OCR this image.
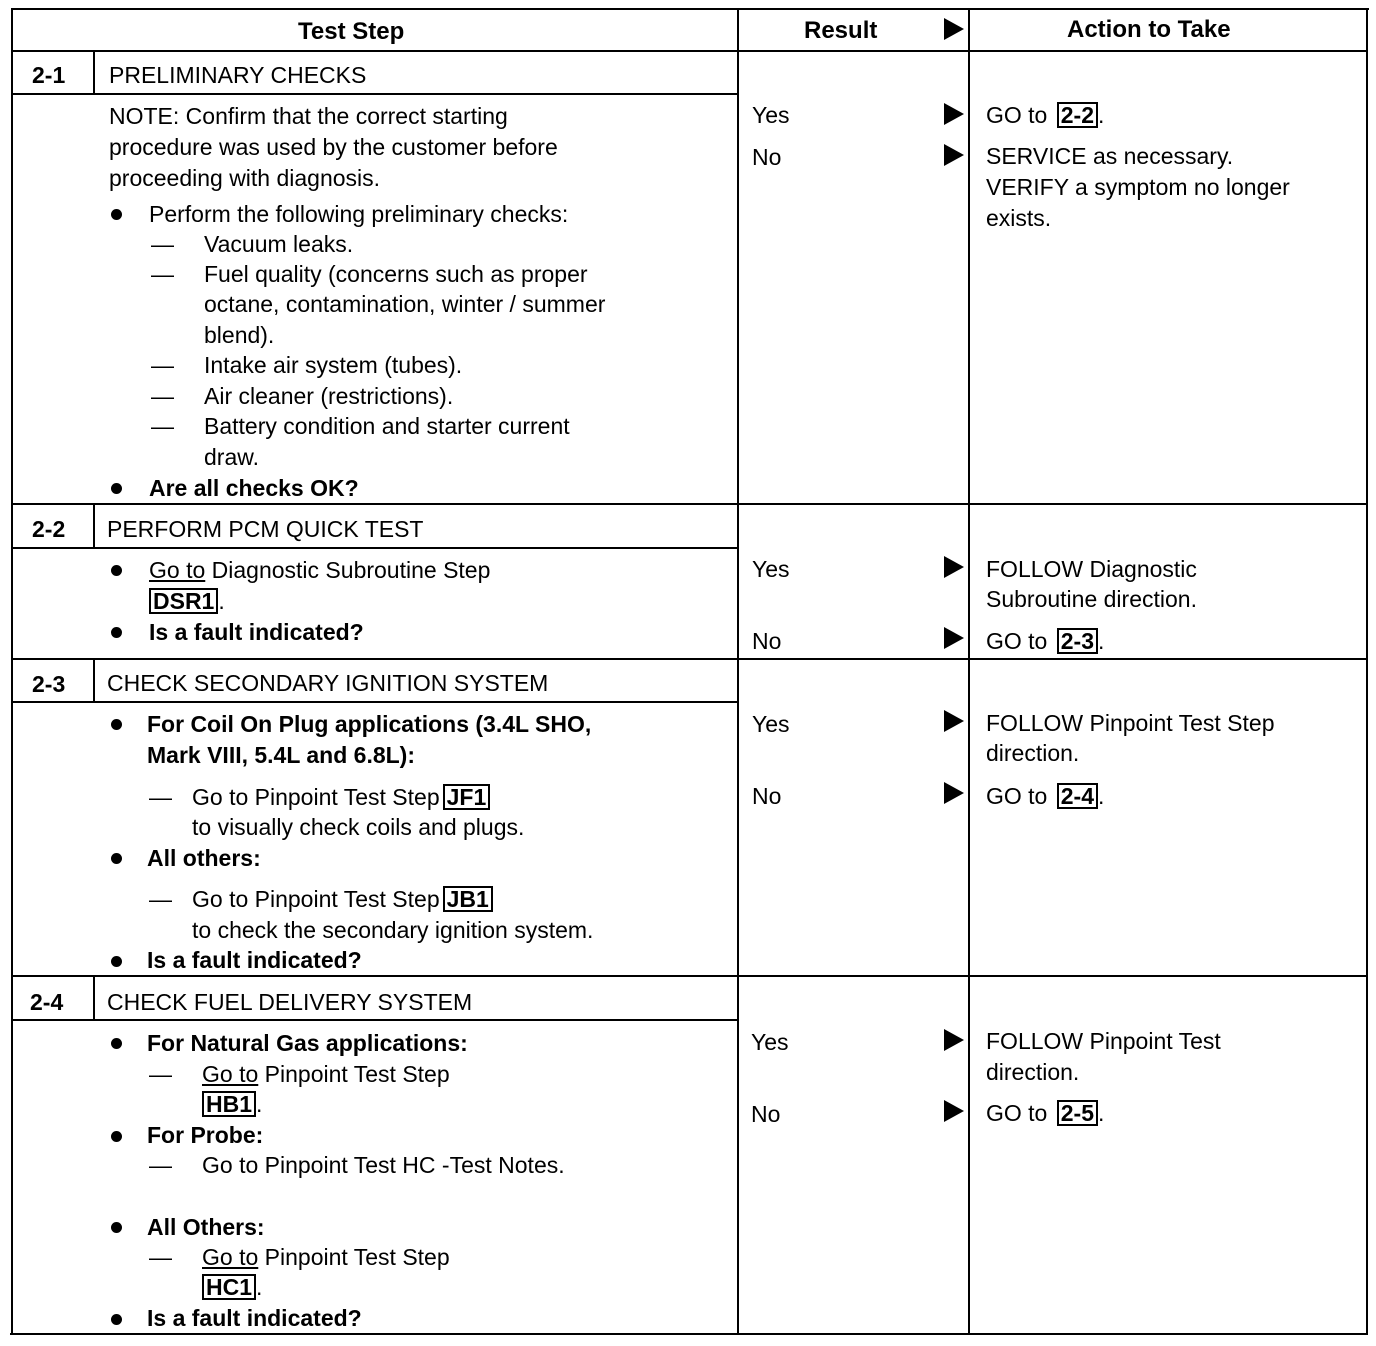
Test Step	Result	Action to Take
2-1 PRELIMINARY CHECKS
NOTE: Confirm that the correct starting
procedure was used by the customer before
proceeding with diagnosis.
Perform the following preliminary checks:
— Vacuum leaks.
— Fuel quality (concerns such as proper
octane, contamination, winter / summer
blend).
— Intake air system (tubes).
— Air cleaner (restrictions).
— Battery condition and starter current
draw.
Are all checks OK?
Yes
No
GO to 2-2 .
SERVICE as necessary.
VERIFY a symptom no longer
exists.
2-2 PERFORM PCM QUICK TEST
Go to Diagnostic Subroutine Step
DSR1 .
Is a fault indicated?
Yes
No
FOLLOW Diagnostic
Subroutine direction.
GO to 2-3 .
2-3 CHECK SECONDARY IGNITION SYSTEM
For Coil On Plug applications (3.4L SHO,
Mark VIII, 5.4L and 6.8L):
— Go to Pinpoint Test Step JF1
to visually check coils and plugs.
All others:
— Go to Pinpoint Test Step JB1
to check the secondary ignition system.
Is a fault indicated?
Yes
No
FOLLOW Pinpoint Test Step
direction.
GO to 2-4 .
2-4 CHECK FUEL DELIVERY SYSTEM
For Natural Gas applications:
— Go to Pinpoint Test Step
HB1 .
For Probe:
— Go to Pinpoint Test HC -Test Notes.
All Others:
— Go to Pinpoint Test Step
HC1 .
Is a fault indicated?
Yes
No
FOLLOW Pinpoint Test
direction.
GO to 2-5 .
